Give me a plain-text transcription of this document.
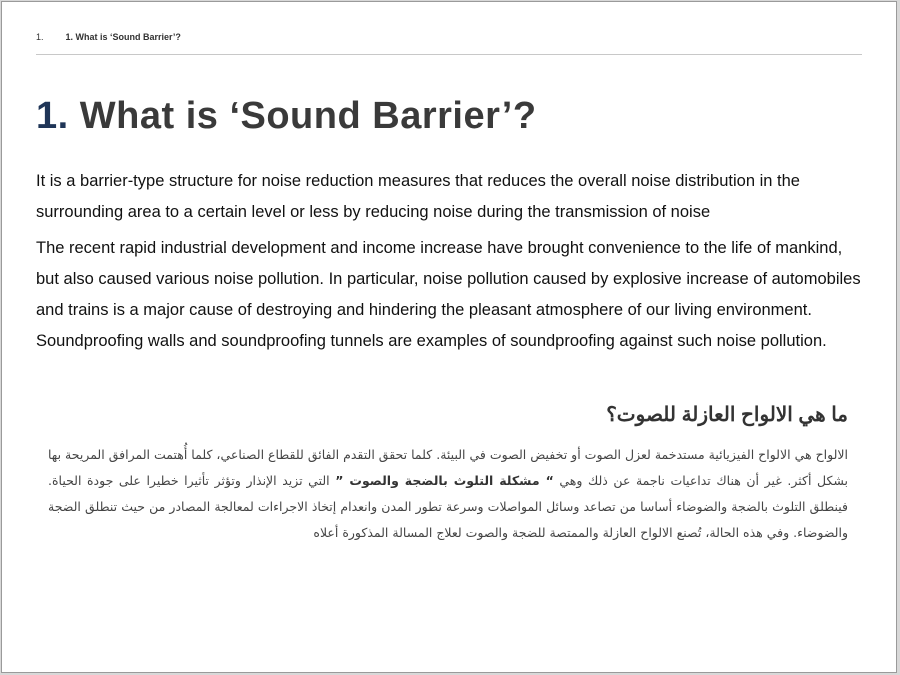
1. 1. What is ‘Sound Barrier’?
1. What is ‘Sound Barrier’?

It is a barrier-type structure for noise reduction measures that reduces the overall noise distribution in the surrounding area to a certain level or less by reducing noise during the transmission of noise

The recent rapid industrial development and income increase have brought convenience to the life of mankind, but also caused various noise pollution. In particular, noise pollution caused by explosive increase of automobiles and trains is a major cause of destroying and hindering the pleasant atmosphere of our living environment. Soundproofing walls and soundproofing tunnels are examples of soundproofing against such noise pollution.

ما هي الالواح العازلة للصوت؟

الالواح هي الالواح الفيزيائية مستدخمة لعزل الصوت أو تخفيض الصوت في البيئة. كلما تحقق التقدم الفائق للقطاع الصناعي، كلما أُهتمت المرافق المريحة بها بشكل أكثر. غير أن هناك تداعيات ناجمة عن ذلك وهي “ مشكلة التلوث بالضجة والصوت ” التي تزيد الإنذار وتؤثر تأثيرا خطيرا على جودة الحياة. فينطلق التلوث بالضجة والضوضاء أساسا من تصاعد وسائل المواصلات وسرعة تطور المدن وانعدام إتخاذ الاجراءات لمعالجة المصادر من حيث تنطلق الضجة والضوضاء. وفي هذه الحالة، تُصنع الالواح العازلة والممتصة للضجة والصوت لعلاج المسالة المذكورة أعلاه
